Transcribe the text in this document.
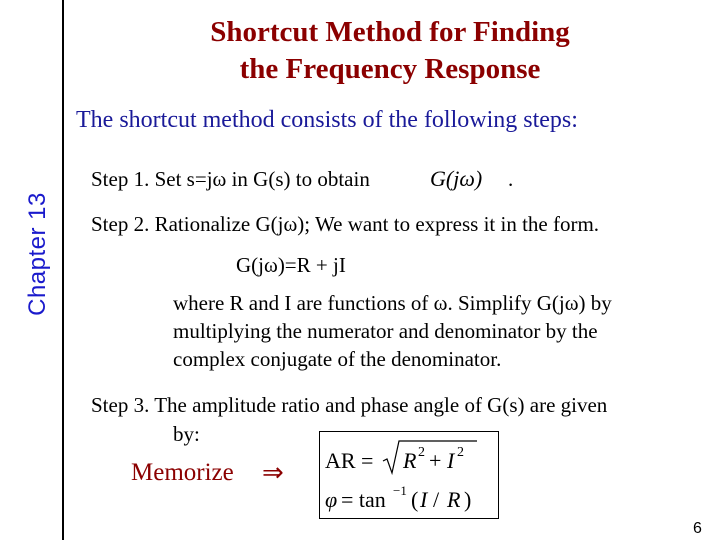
Chapter 13
Shortcut Method for Finding
the Frequency Response
The shortcut method consists of the following steps:
Step 1. Set s=jω in G(s) to obtain	G(jω) .
Step 2. Rationalize G(jω); We want to express it in the form.
G(jω)=R + jI
where R and I are functions of ω. Simplify G(jω) by
multiplying the numerator and denominator by the
complex conjugate of the denominator.
Step 3. The amplitude ratio and phase angle of G(s) are given
by:
Memorize ⇒ AR = R 2 + I 2
φ = tan −1 ( I / R )
6
